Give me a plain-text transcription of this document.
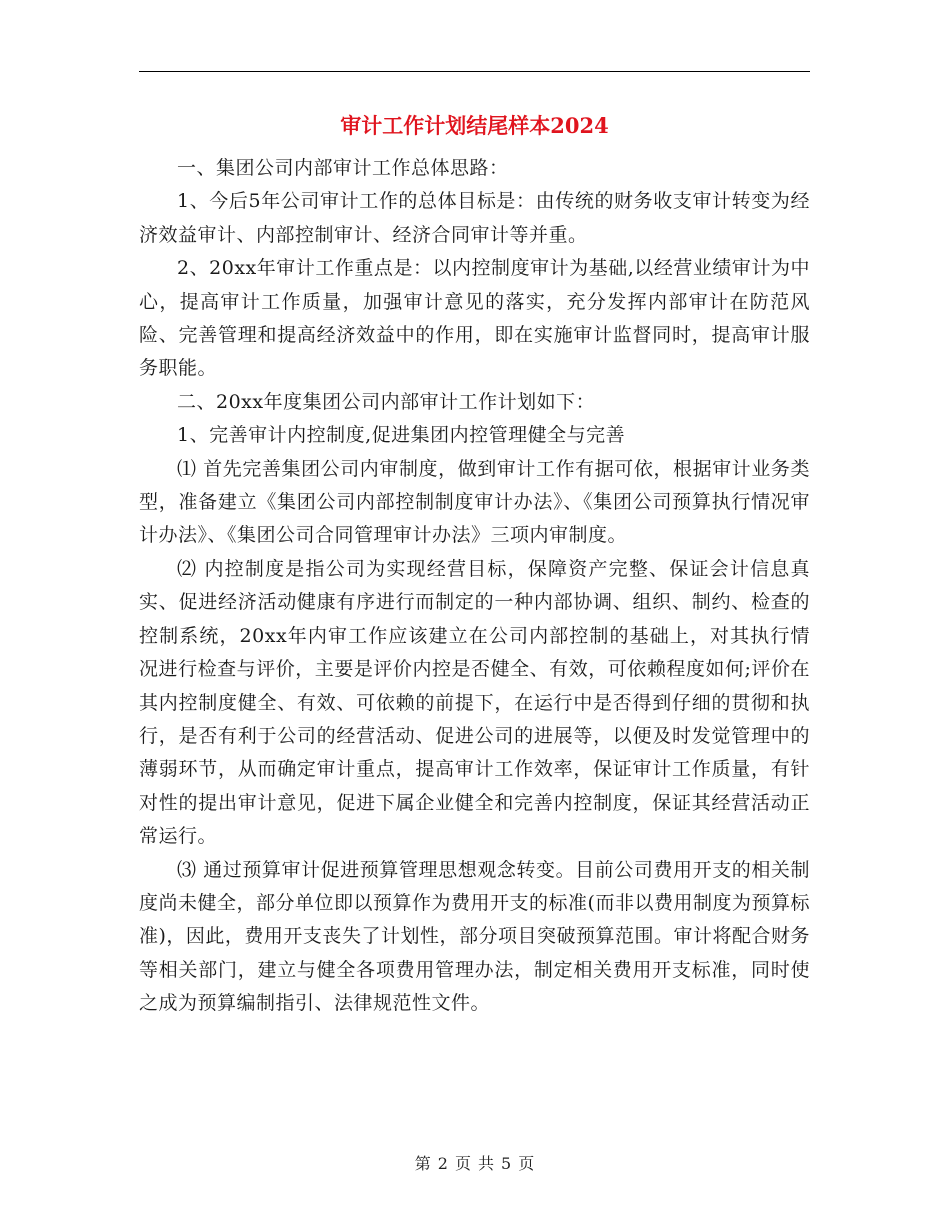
审计工作计划结尾样本2024

一、集团公司内部审计工作总体思路：

1、今后5年公司审计工作的总体目标是：由传统的财务收支审计转变为经济效益审计、内部控制审计、经济合同审计等并重。

2、20xx年审计工作重点是：以内控制度审计为基础,以经营业绩审计为中心，提高审计工作质量，加强审计意见的落实，充分发挥内部审计在防范风险、完善管理和提高经济效益中的作用，即在实施审计监督同时，提高审计服务职能。

二、20xx年度集团公司内部审计工作计划如下：

1、完善审计内控制度,促进集团内控管理健全与完善

⑴ 首先完善集团公司内审制度，做到审计工作有据可依，根据审计业务类型，准备建立《集团公司内部控制制度审计办法》、《集团公司预算执行情况审计办法》、《集团公司合同管理审计办法》三项内审制度。

⑵ 内控制度是指公司为实现经营目标，保障资产完整、保证会计信息真实、促进经济活动健康有序进行而制定的一种内部协调、组织、制约、检查的控制系统，20xx年内审工作应该建立在公司内部控制的基础上，对其执行情况进行检查与评价，主要是评价内控是否健全、有效，可依赖程度如何;评价在其内控制度健全、有效、可依赖的前提下，在运行中是否得到仔细的贯彻和执行，是否有利于公司的经营活动、促进公司的进展等，以便及时发觉管理中的薄弱环节，从而确定审计重点，提高审计工作效率，保证审计工作质量，有针对性的提出审计意见，促进下属企业健全和完善内控制度，保证其经营活动正常运行。

⑶ 通过预算审计促进预算管理思想观念转变。目前公司费用开支的相关制度尚未健全，部分单位即以预算作为费用开支的标准(而非以费用制度为预算标准)，因此，费用开支丧失了计划性，部分项目突破预算范围。审计将配合财务等相关部门，建立与健全各项费用管理办法，制定相关费用开支标准，同时使之成为预算编制指引、法律规范性文件。

第 2 页 共 5 页
